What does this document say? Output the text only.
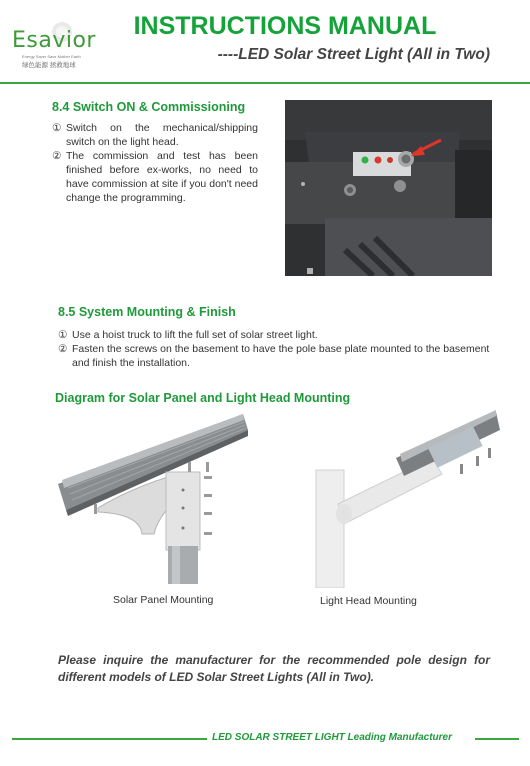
Esavior
Energy Saver Save Mother Earth
绿色能源 拯救地球
INSTRUCTIONS MANUAL
----LED Solar Street Light (All in Two)
8.4 Switch ON & Commissioning
① Switch on the mechanical/shipping switch on the light head.
② The commission and test has been finished before ex-works, no need to have commission at site if you don't need change the programming.
8.5 System Mounting & Finish
① Use a hoist truck to lift the full set of solar street light.
② Fasten the screws on the basement to have the pole base plate mounted to the basement and finish the installation.
Diagram for Solar Panel and Light Head Mounting
Solar Panel Mounting	Light Head Mounting
Please inquire the manufacturer for the recommended pole design for different models of LED Solar Street Lights (All in Two).
LED SOLAR STREET LIGHT Leading Manufacturer
